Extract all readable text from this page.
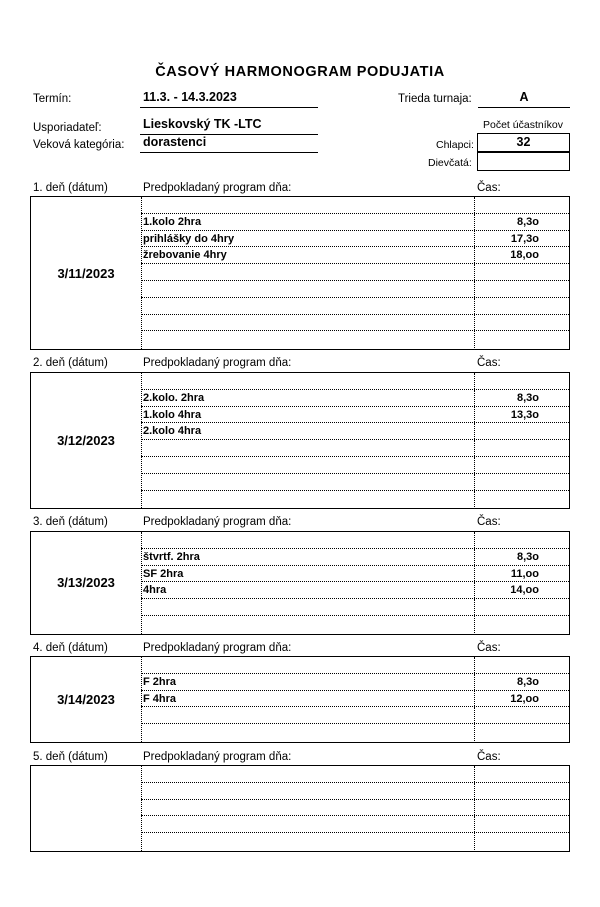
ČASOVÝ HARMONOGRAM PODUJATIA
Termín:	11.3. - 14.3.2023	Trieda turnaja:	A
Usporiadateľ:	Lieskovský TK -LTC	Počet účastníkov
Veková kategória: dorastenci	Chlapci:	32
Dievčatá:
1. deň (dátum)	Predpokladaný program dňa:	Čas:
3/11/2023
1.kolo 2hra	8,3o
prihlášky do 4hry	17,3o
žrebovanie 4hry	18,oo
2. deň (dátum)	Predpokladaný program dňa:	Čas:
3/12/2023
2.kolo. 2hra	8,3o
1.kolo 4hra	13,3o
2.kolo 4hra
3. deň (dátum)	Predpokladaný program dňa:	Čas:
3/13/2023
štvrtf. 2hra	8,3o
SF 2hra	11,oo
4hra	14,oo
4. deň (dátum)	Predpokladaný program dňa:	Čas:
3/14/2023
F 2hra	8,3o
F 4hra	12,oo
5. deň (dátum)	Predpokladaný program dňa:	Čas:
